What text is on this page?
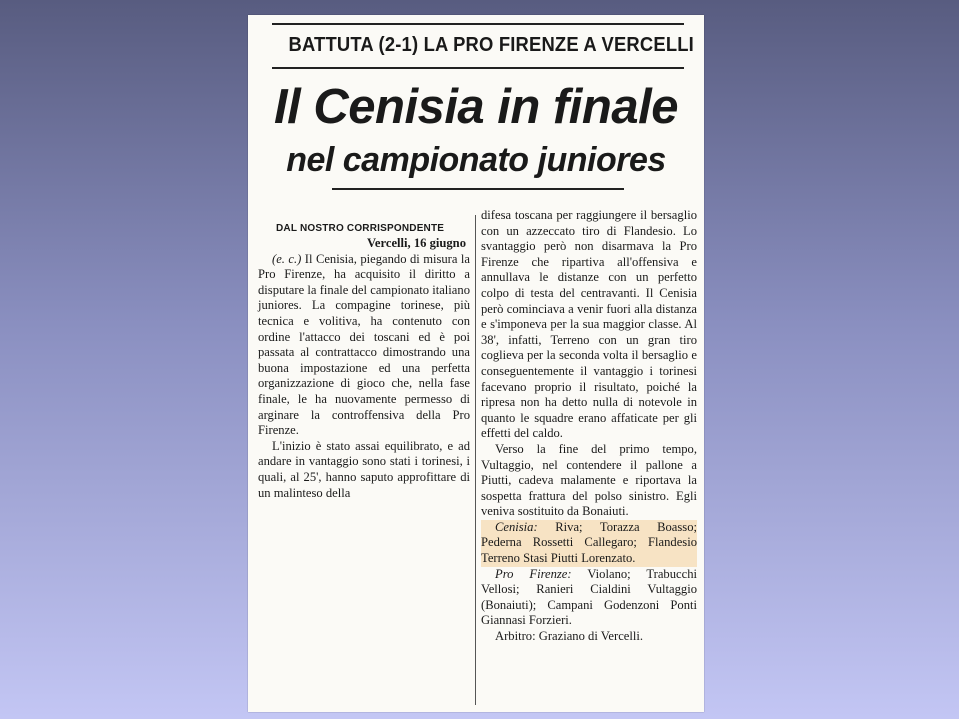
BATTUTA (2-1) LA PRO FIRENZE A VERCELLI
Il Cenisia in finale
nel campionato juniores
DAL NOSTRO CORRISPONDENTE
Vercelli, 16 giugno

(e. c.) Il Cenisia, piegando di misura la Pro Firenze, ha acquisito il diritto a disputare la finale del campionato italiano juniores. La compagine torinese, più tecnica e volitiva, ha contenuto con ordine l'attacco dei toscani ed è poi passata al contrattacco dimostrando una buona impostazione ed una perfetta organizzazione di gioco che, nella fase finale, le ha nuovamente permesso di arginare la controffensiva della Pro Firenze.

L'inizio è stato assai equilibrato, e ad andare in vantaggio sono stati i torinesi, i quali, al 25', hanno saputo approfittare di un malinteso della

difesa toscana per raggiungere il bersaglio con un azzeccato tiro di Flandesio. Lo svantaggio però non disarmava la Pro Firenze che ripartiva all'offensiva e annullava le distanze con un perfetto colpo di testa del centravanti. Il Cenisia però cominciava a venir fuori alla distanza e s'imponeva per la sua maggior classe. Al 38', infatti, Terreno con un gran tiro coglieva per la seconda volta il bersaglio e conseguentemente il vantaggio i torinesi facevano proprio il risultato, poiché la ripresa non ha detto nulla di notevole in quanto le squadre erano affaticate per gli effetti del caldo.

Verso la fine del primo tempo, Vultaggio, nel contendere il pallone a Piutti, cadeva malamente e riportava la sospetta frattura del polso sinistro. Egli veniva sostituito da Bonaiuti.

Cenisia: Riva; Torazza Boasso; Pederna Rossetti Callegaro; Flandesio Terreno Stasi Piutti Lorenzato.

Pro Firenze: Violano; Trabucchi Vellosi; Ranieri Cialdini Vultaggio (Bonaiuti); Campani Godenzoni Ponti Giannasi Forzieri.

Arbitro: Graziano di Vercelli.
